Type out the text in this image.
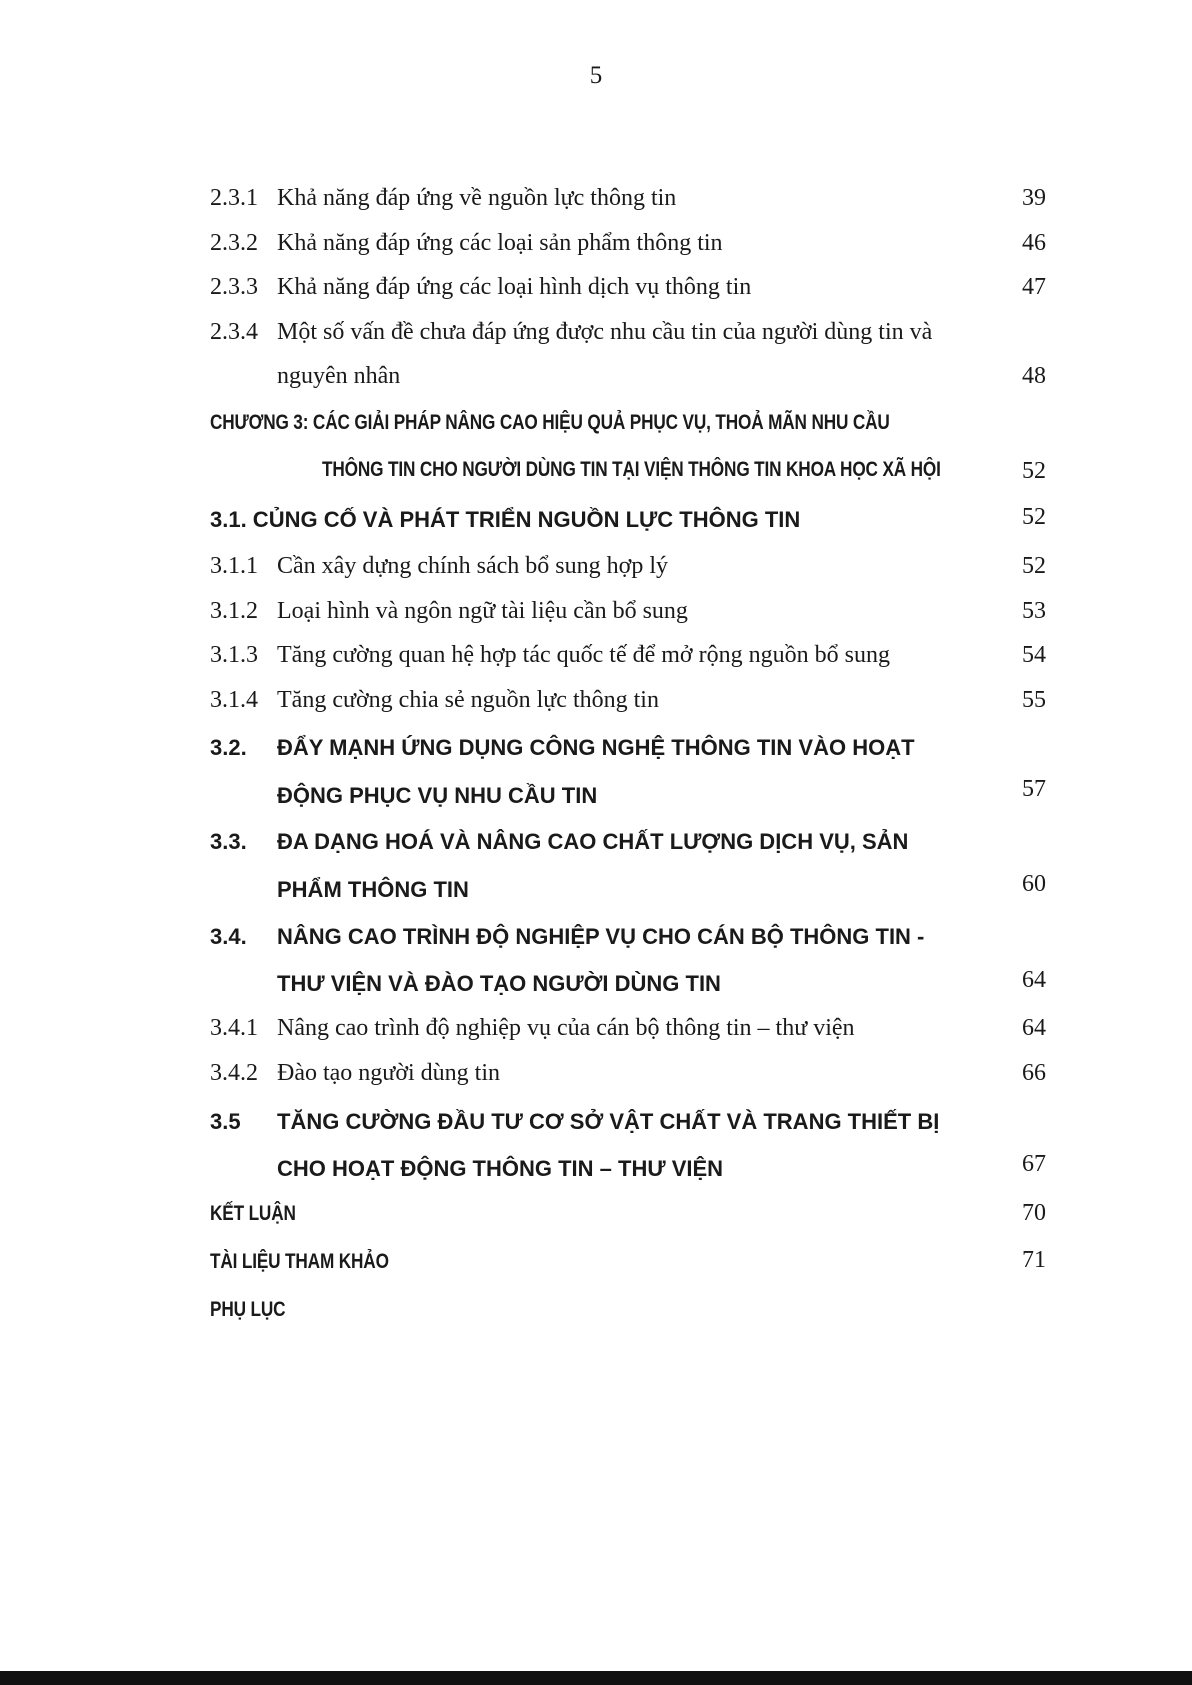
5
2.3.1 Khả năng đáp ứng về nguồn lực thông tin	39
2.3.2 Khả năng đáp ứng các loại sản phẩm thông tin	46
2.3.3 Khả năng đáp ứng các loại hình dịch vụ thông tin	47
2.3.4 Một số vấn đề chưa đáp ứng được nhu cầu tin của người dùng tin và
nguyên nhân	48
CHƯƠNG 3: CÁC GIẢI PHÁP NÂNG CAO HIỆU QUẢ PHỤC VỤ, THOẢ MÃN NHU CẦU
THÔNG TIN CHO NGƯỜI DÙNG TIN TẠI VIỆN THÔNG TIN KHOA HỌC XÃ HỘI	52
3.1. CỦNG CỐ VÀ PHÁT TRIỂN NGUỒN LỰC THÔNG TIN	52
3.1.1 Cần xây dựng chính sách bổ sung hợp lý	52
3.1.2 Loại hình và ngôn ngữ tài liệu cần bổ sung	53
3.1.3 Tăng cường quan hệ hợp tác quốc tế để mở rộng nguồn bổ sung	54
3.1.4 Tăng cường chia sẻ nguồn lực thông tin	55
3.2. ĐẨY MẠNH ỨNG DỤNG CÔNG NGHỆ THÔNG TIN VÀO HOẠT
ĐỘNG PHỤC VỤ NHU CẦU TIN	57
3.3. ĐA DẠNG HOÁ VÀ NÂNG CAO CHẤT LƯỢNG DỊCH VỤ, SẢN
PHẨM THÔNG TIN	60
3.4. NÂNG CAO TRÌNH ĐỘ NGHIỆP VỤ CHO CÁN BỘ THÔNG TIN -
THƯ VIỆN VÀ ĐÀO TẠO NGƯỜI DÙNG TIN	64
3.4.1 Nâng cao trình độ nghiệp vụ của cán bộ thông tin – thư viện	64
3.4.2 Đào tạo người dùng tin	66
3.5 TĂNG CƯỜNG ĐẦU TƯ CƠ SỞ VẬT CHẤT VÀ TRANG THIẾT BỊ
CHO HOẠT ĐỘNG THÔNG TIN – THƯ VIỆN	67
KẾT LUẬN	70
TÀI LIỆU THAM KHẢO	71
PHỤ LỤC
